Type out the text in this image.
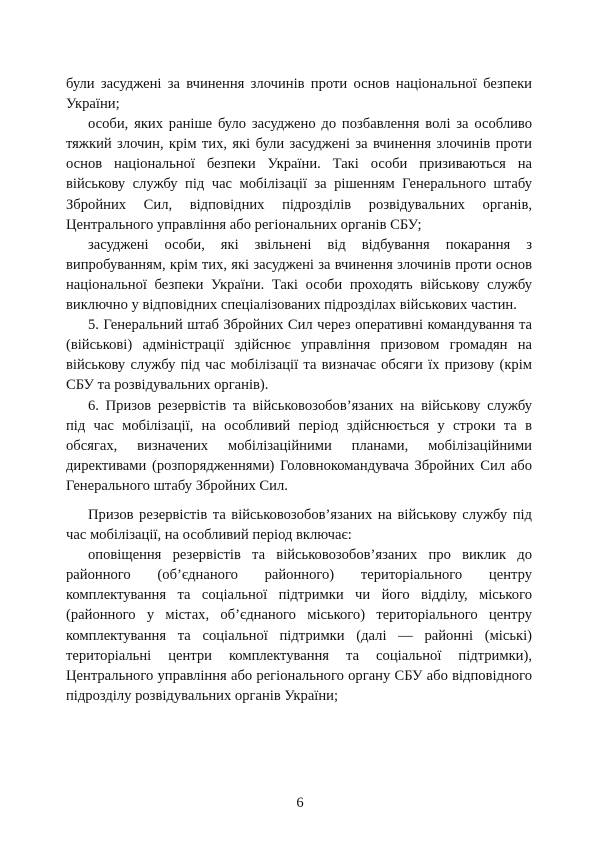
були засуджені за вчинення злочинів проти основ національної безпеки України;

особи, яких раніше було засуджено до позбавлення волі за особливо тяжкий злочин, крім тих, які були засуджені за вчинення злочинів проти основ національної безпеки України. Такі особи призиваються на військову службу під час мобілізації за рішенням Генерального штабу Збройних Сил, відповідних підрозділів розвідувальних органів, Центрального управління або регіональних органів СБУ;

засуджені особи, які звільнені від відбування покарання з випробуванням, крім тих, які засуджені за вчинення злочинів проти основ національної безпеки України. Такі особи проходять військову службу виключно у відповідних спеціалізованих підрозділах військових частин.

5. Генеральний штаб Збройних Сил через оперативні командування та (військові) адміністрації здійснює управління призовом громадян на військову службу під час мобілізації та визначає обсяги їх призову (крім СБУ та розвідувальних органів).

6. Призов резервістів та військовозобов’язаних на військову службу під час мобілізації, на особливий період здійснюється у строки та в обсягах, визначених мобілізаційними планами, мобілізаційними директивами (розпорядженнями) Головнокомандувача Збройних Сил або Генерального штабу Збройних Сил.

Призов резервістів та військовозобов’язаних на військову службу під час мобілізації, на особливий період включає:

оповіщення резервістів та військовозобов’язаних про виклик до районного (об’єднаного районного) територіального центру комплектування та соціальної підтримки чи його відділу, міського (районного у містах, об’єднаного міського) територіального центру комплектування та соціальної підтримки (далі — районні (міські) територіальні центри комплектування та соціальної підтримки), Центрального управління або регіонального органу СБУ або відповідного підрозділу розвідувальних органів України;

6
